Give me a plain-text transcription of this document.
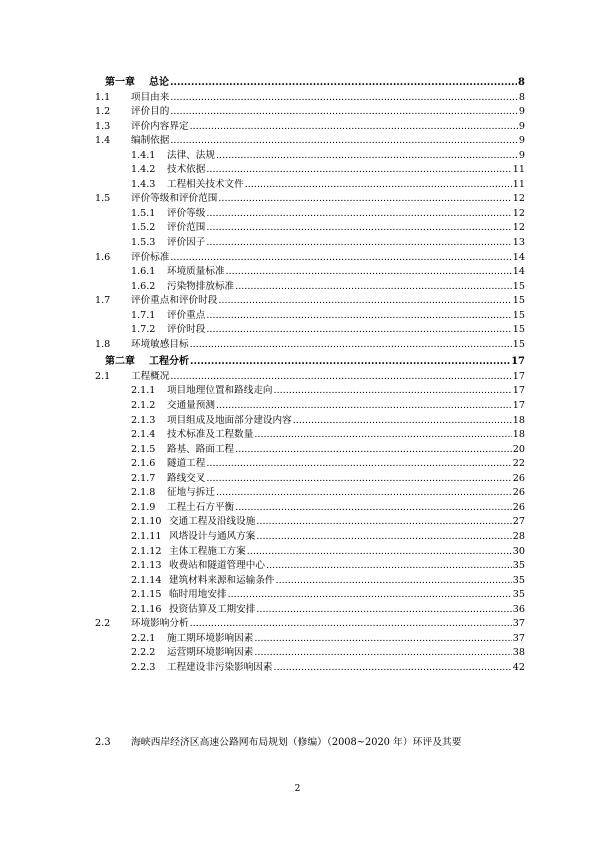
第一章	总论 .....	8
1.1	项目由来 .....	8
1.2	评价目的 .....	9
1.3	评价内容界定 .....	9
1.4	编制依据 .....	9
1.4.1	法律、法规 .....	9
1.4.2	技术依据 .....	11
1.4.3	工程相关技术文件 .....	11
1.5	评价等级和评价范围 .....	12
1.5.1	评价等级 .....	12
1.5.2	评价范围 .....	12
1.5.3	评价因子 .....	13
1.6	评价标准 .....	14
1.6.1	环境质量标准 .....	14
1.6.2	污染物排放标准 .....	15
1.7	评价重点和评价时段 .....	15
1.7.1	评价重点 .....	15
1.7.2	评价时段 .....	15
1.8	环境敏感目标 .....	15
第二章	工程分析 .....	17
2.1	工程概况 .....	17
2.1.1	项目地理位置和路线走向 .....	17
2.1.2	交通量预测 .....	17
2.1.3	项目组成及地面部分建设内容 .....	18
2.1.4	技术标准及工程数量 .....	18
2.1.5	路基、路面工程 .....	20
2.1.6	隧道工程 .....	22
2.1.7	路线交叉 .....	26
2.1.8	征地与拆迁 .....	26
2.1.9	工程土石方平衡 .....	26
2.1.10 交通工程及沿线设施 .....	27
2.1.11 风塔设计与通风方案 .....	28
2.1.12 主体工程施工方案 .....	30
2.1.13 收费站和隧道管理中心 .....	35
2.1.14 建筑材料来源和运输条件 .....	35
2.1.15 临时用地安排 .....	35
2.1.16 投资估算及工期安排 .....	36
2.2	环境影响分析 .....	37
2.2.1	施工期环境影响因素 .....	37
2.2.2	运营期环境影响因素 .....	38
2.2.3	工程建设非污染影响因素 .....	42
2.3 海峡西岸经济区高速公路网布局规划（修编）（2008~2020 年）环评及其要
2
